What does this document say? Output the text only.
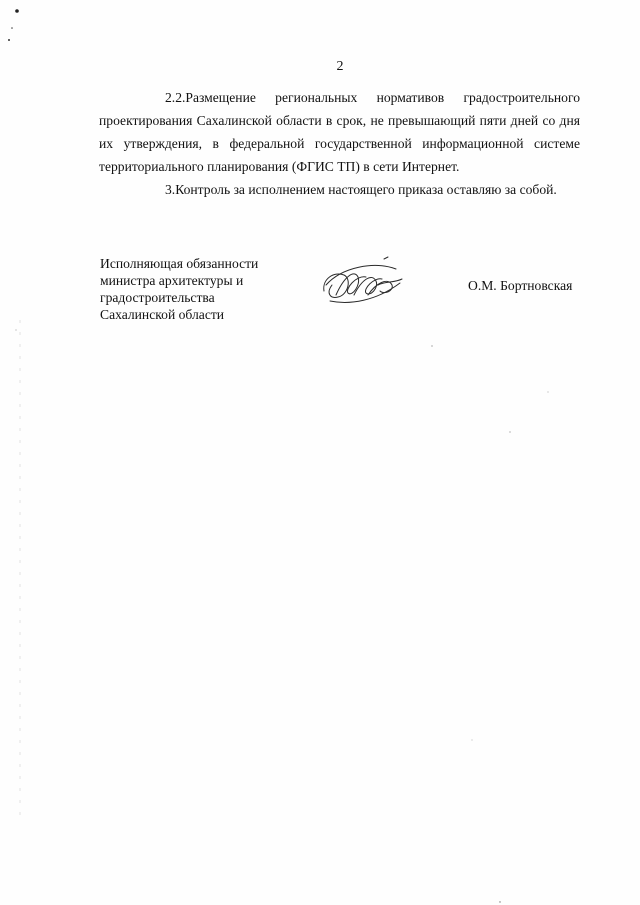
2

2.2.Размещение региональных нормативов градостроительного проектирования Сахалинской области в срок, не превышающий пяти дней со дня их утверждения, в федеральной государственной информационной системе территориального планирования (ФГИС ТП) в сети Интернет.

3.Контроль за исполнением настоящего приказа оставляю за собой.

Исполняющая обязанности
министра архитектуры и
градостроительства
Сахалинской области
О.М. Бортновская
